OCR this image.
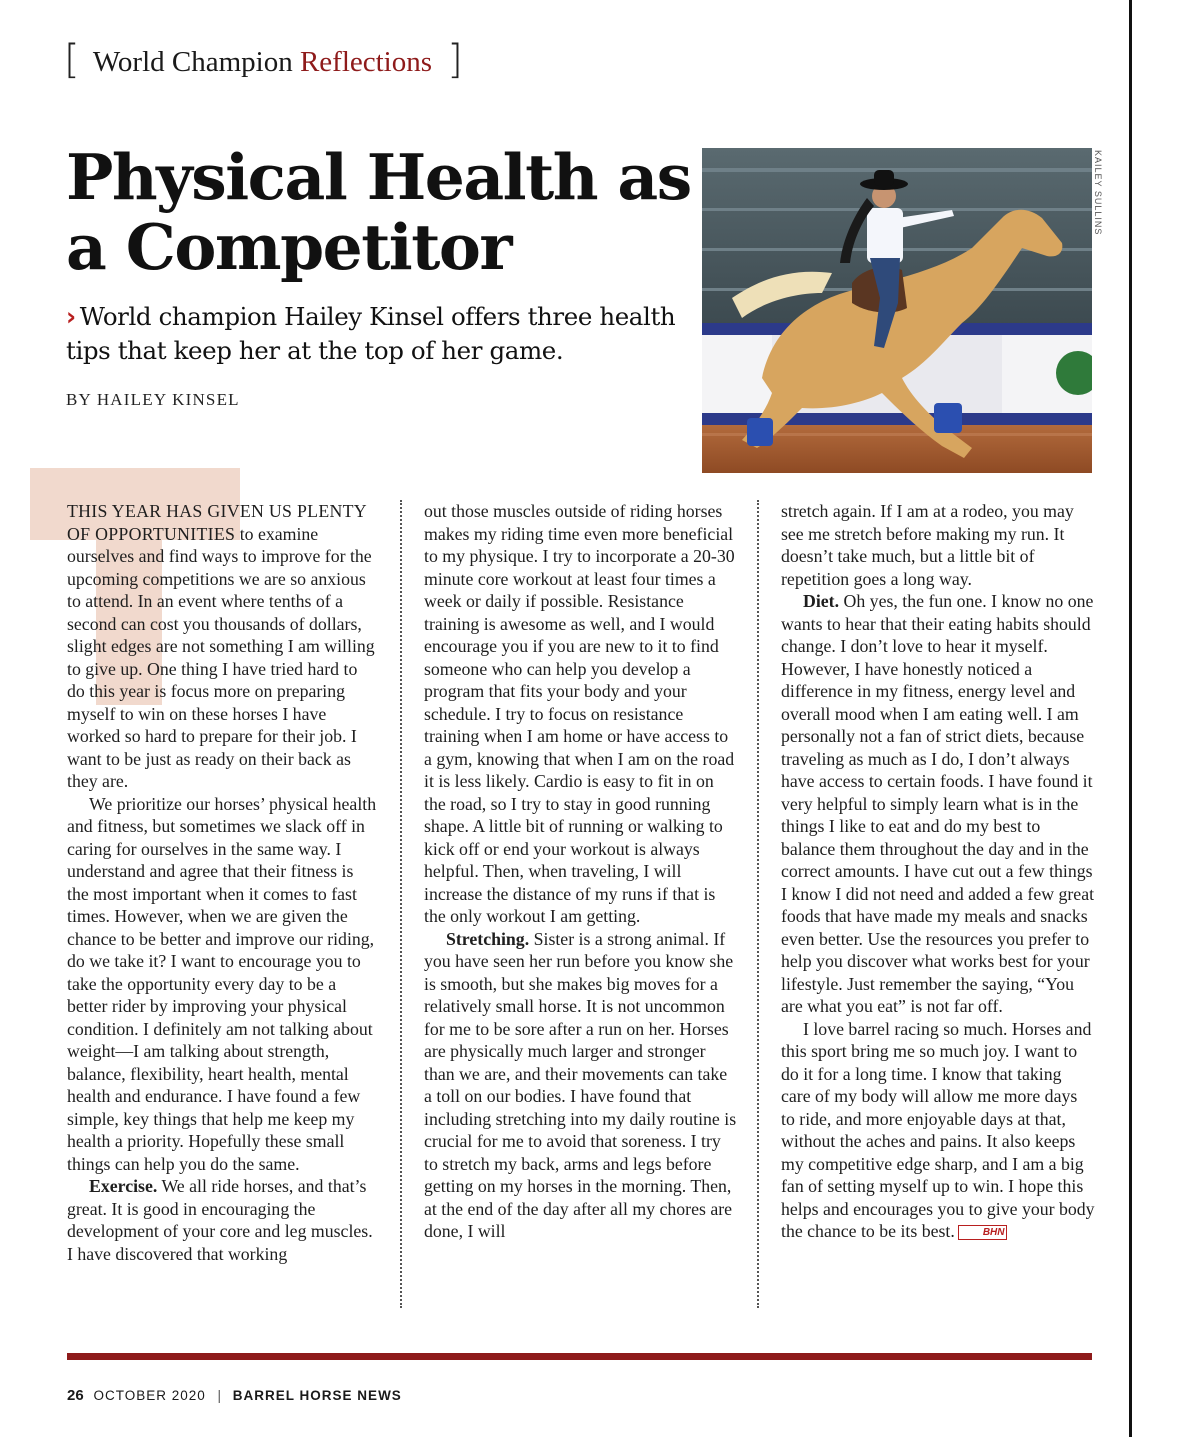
[ World Champion Reflections ]
Physical Health as a Competitor
› World champion Hailey Kinsel offers three health tips that keep her at the top of her game.
BY HAILEY KINSEL
KAILEY SULLINS

THIS YEAR HAS GIVEN US PLENTY OF OPPORTUNITIES to examine ourselves and find ways to improve for the upcoming competitions we are so anxious to attend. In an event where tenths of a second can cost you thousands of dollars, slight edges are not something I am willing to give up. One thing I have tried hard to do this year is focus more on preparing myself to win on these horses I have worked so hard to prepare for their job. I want to be just as ready on their back as they are.

We prioritize our horses’ physical health and fitness, but sometimes we slack off in caring for ourselves in the same way. I understand and agree that their fitness is the most important when it comes to fast times. However, when we are given the chance to be better and improve our riding, do we take it? I want to encourage you to take the opportunity every day to be a better rider by improving your physical condition. I definitely am not talking about weight—I am talking about strength, balance, flexibility, heart health, mental health and endurance. I have found a few simple, key things that help me keep my health a priority. Hopefully these small things can help you do the same.

Exercise. We all ride horses, and that’s great. It is good in encouraging the development of your core and leg muscles. I have discovered that working

out those muscles outside of riding horses makes my riding time even more beneficial to my physique. I try to incorporate a 20-30 minute core workout at least four times a week or daily if possible. Resistance training is awesome as well, and I would encourage you if you are new to it to find someone who can help you develop a program that fits your body and your schedule. I try to focus on resistance training when I am home or have access to a gym, knowing that when I am on the road it is less likely. Cardio is easy to fit in on the road, so I try to stay in good running shape. A little bit of running or walking to kick off or end your workout is always helpful. Then, when traveling, I will increase the distance of my runs if that is the only workout I am getting.

Stretching. Sister is a strong animal. If you have seen her run before you know she is smooth, but she makes big moves for a relatively small horse. It is not uncommon for me to be sore after a run on her. Horses are physically much larger and stronger than we are, and their movements can take a toll on our bodies. I have found that including stretching into my daily routine is crucial for me to avoid that soreness. I try to stretch my back, arms and legs before getting on my horses in the morning. Then, at the end of the day after all my chores are done, I will

stretch again. If I am at a rodeo, you may see me stretch before making my run. It doesn’t take much, but a little bit of repetition goes a long way.

Diet. Oh yes, the fun one. I know no one wants to hear that their eating habits should change. I don’t love to hear it myself. However, I have honestly noticed a difference in my fitness, energy level and overall mood when I am eating well. I am personally not a fan of strict diets, because traveling as much as I do, I don’t always have access to certain foods. I have found it very helpful to simply learn what is in the things I like to eat and do my best to balance them throughout the day and in the correct amounts. I have cut out a few things I know I did not need and added a few great foods that have made my meals and snacks even better. Use the resources you prefer to help you discover what works best for your lifestyle. Just remember the saying, “You are what you eat” is not far off.

I love barrel racing so much. Horses and this sport bring me so much joy. I want to do it for a long time. I know that taking care of my body will allow me more days to ride, and more enjoyable days at that, without the aches and pains. It also keeps my competitive edge sharp, and I am a big fan of setting myself up to win. I hope this helps and encourages you to give your body the chance to be its best.	BHN

26 OCTOBER 2020 | BARREL HORSE NEWS
